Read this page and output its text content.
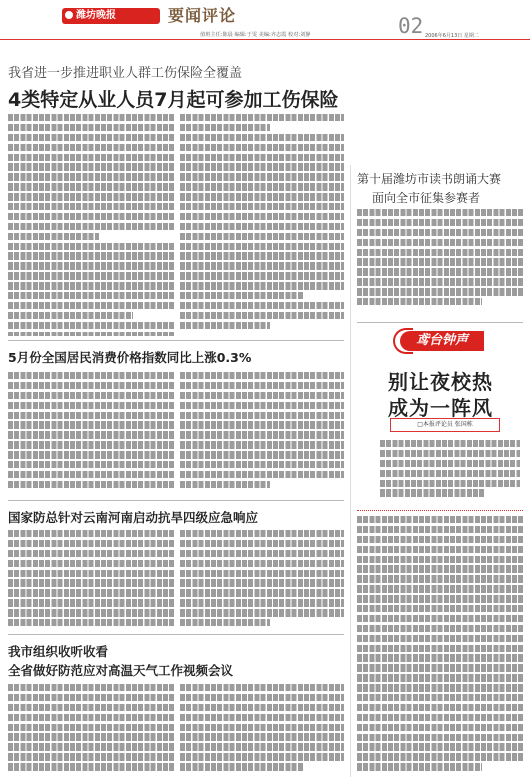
潍坊晚报	要闻评论	02
值班主任:陈晨 编辑:于雯 美编:齐志霞 校对:刘静	2006年6月13日 星期二
我省进一步推进职业人群工伤保险全覆盖
4类特定从业人员7月起可参加工伤保险
第十届潍坊市读书朗诵大赛
面向全市征集参赛者
鸢台钟声
别让夜校热
成为一阵风
□本报评论员 张国栋
5月份全国居民消费价格指数同比上涨0.3%
国家防总针对云南河南启动抗旱四级应急响应
我市组织收听收看
全省做好防范应对高温天气工作视频会议
